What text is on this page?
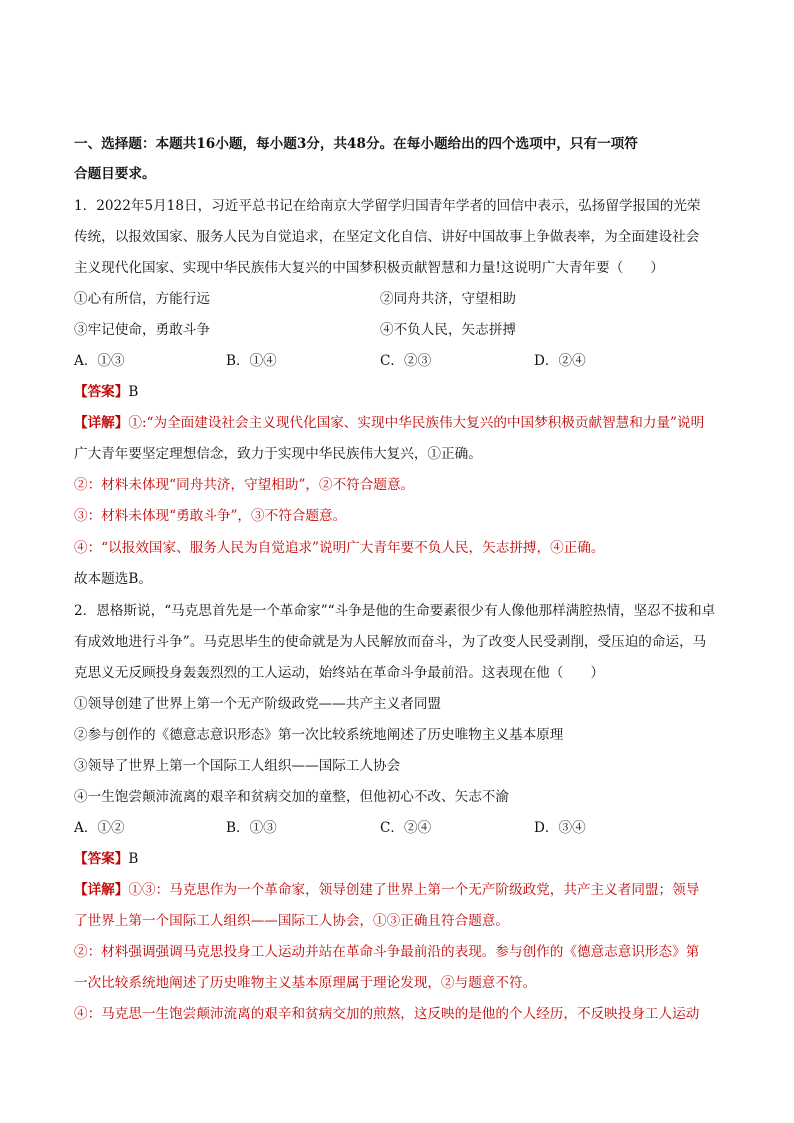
一、选择题：本题共16小题，每小题3分，共48分。在每小题给出的四个选项中，只有一项符
合题目要求。
1．2022年5月18日，习近平总书记在给南京大学留学归国青年学者的回信中表示，弘扬留学报国的光荣
传统，以报效国家、服务人民为自觉追求，在坚定文化自信、讲好中国故事上争做表率，为全面建设社会
主义现代化国家、实现中华民族伟大复兴的中国梦积极贡献智慧和力量!这说明广大青年要（　　）
①心有所信，方能行远	②同舟共济，守望相助
③牢记使命，勇敢斗争	④不负人民，矢志拼搏
A．①③	B．①④	C．②③	D．②④
【答案】B
【详解】①:“为全面建设社会主义现代化国家、实现中华民族伟大复兴的中国梦积极贡献智慧和力量”说明
广大青年要坚定理想信念，致力于实现中华民族伟大复兴，①正确。
②：材料未体现“同舟共济，守望相助”，②不符合题意。
③：材料未体现“勇敢斗争”，③不符合题意。
④：“以报效国家、服务人民为自觉追求”说明广大青年要不负人民，矢志拼搏，④正确。
故本题选B。
2．恩格斯说，“马克思首先是一个革命家”“斗争是他的生命要素很少有人像他那样满腔热情，坚忍不拔和卓
有成效地进行斗争”。马克思毕生的使命就是为人民解放而奋斗，为了改变人民受剥削，受压迫的命运，马
克思义无反顾投身轰轰烈烈的工人运动，始终站在革命斗争最前沿。这表现在他（　　）
①领导创建了世界上第一个无产阶级政党——共产主义者同盟
②参与创作的《德意志意识形态》第一次比较系统地阐述了历史唯物主义基本原理
③领导了世界上第一个国际工人组织——国际工人协会
④一生饱尝颠沛流离的艰辛和贫病交加的童整，但他初心不改、矢志不渝
A．①②	B．①③	C．②④	D．③④
【答案】B
【详解】①③：马克思作为一个革命家，领导创建了世界上第一个无产阶级政党，共产主义者同盟；领导
了世界上第一个国际工人组织——国际工人协会，①③正确且符合题意。
②：材料强调强调马克思投身工人运动并站在革命斗争最前沿的表现。参与创作的《德意志意识形态》第
一次比较系统地阐述了历史唯物主义基本原理属于理论发现，②与题意不符。
④：马克思一生饱尝颠沛流离的艰辛和贫病交加的煎熬，这反映的是他的个人经历，不反映投身工人运动
